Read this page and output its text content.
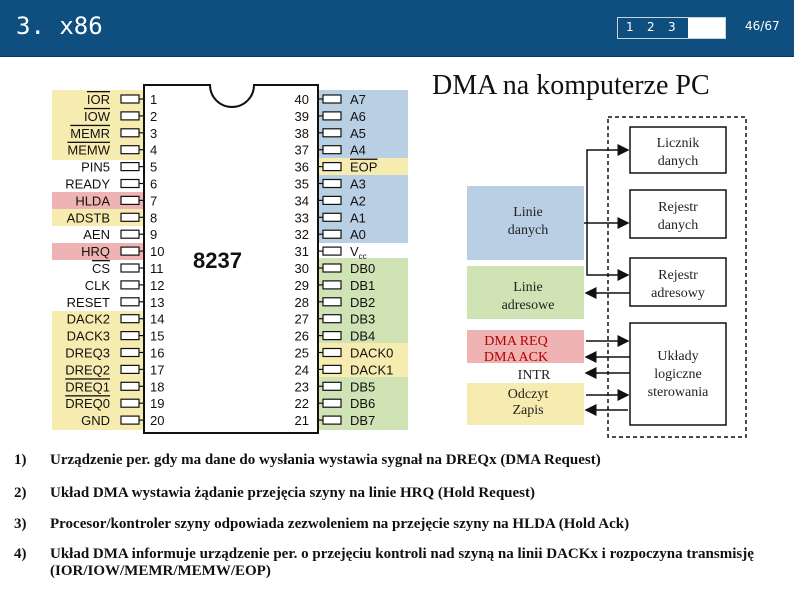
3. x86	1 2 3	46/67
DMA na komputerze PC
IOR	1
IOW	2
MEMR	3
MEMW	4
PIN5	5
READY	6
HLDA	7
ADSTB	8
AEN	9
HRQ	10
CS	11
CLK	12
RESET	13
DACK2	14
DACK3	15
DREQ3	16
DREQ2	17
DREQ1	18
DREQ0	19
GND	20
40	A7
39	A6
38	A5
37	A4
36	EOP
35	A3
34	A2
33	A1
32	A0
31	$V_{cc}$
30	DB0
29	DB1
28	DB2
27	DB3
26	DB4
25	DACK0
24	DACK1
23	DB5
22	DB6
21	DB7
8237
Licznik
danych
Rejestr
danych
Rejestr
adresowy
Układy
logiczne
sterowania
Linie
danych
Linie
adresowe
DMA REQ
DMA ACK
INTR
Odczyt
Zapis
1) Urządzenie per. gdy ma dane do wysłania wystawia sygnał na DREQx (DMA Request)
2) Układ DMA wystawia żądanie przejęcia szyny na linie HRQ (Hold Request)
3) Procesor/kontroler szyny odpowiada zezwoleniem na przejęcie szyny na HLDA (Hold Ack)
4) Układ DMA informuje urządzenie per. o przejęciu kontroli nad szyną na linii DACKx i rozpoczyna transmisję (IOR/IOW/MEMR/MEMW/EOP)
